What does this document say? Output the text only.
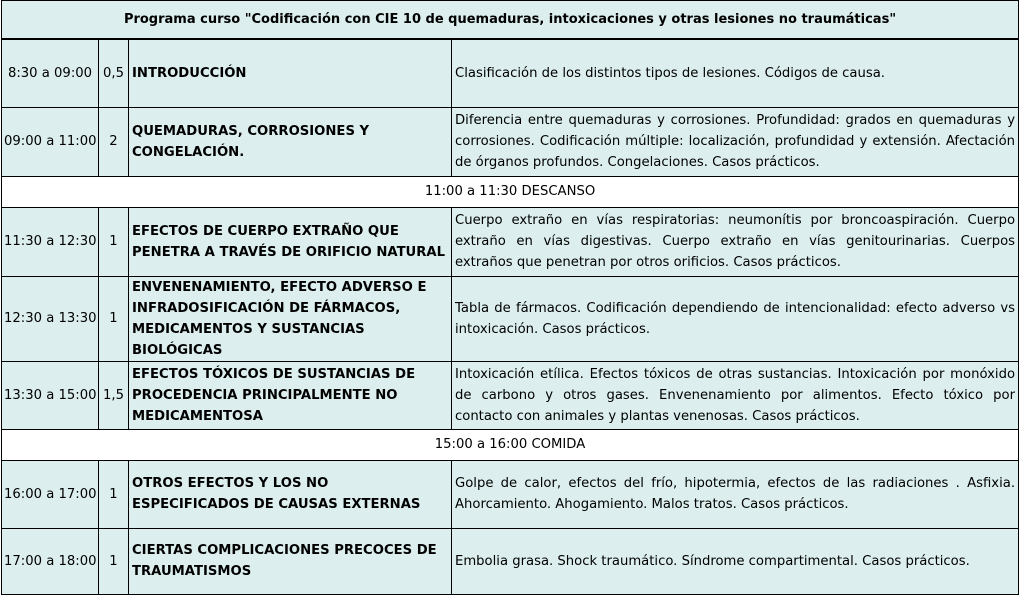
Programa curso "Codificación con CIE 10 de quemaduras, intoxicaciones y otras lesiones no traumáticas"			
8:30 a 09:00	0,5	INTRODUCCIÓN	Clasificación de los distintos tipos de lesiones. Códigos de causa.
09:00 a 11:00	2	QUEMADURAS, CORROSIONES Y CONGELACIÓN.	Diferencia entre quemaduras y corrosiones. Profundidad: grados en quemaduras y corrosiones. Codificación múltiple: localización, profundidad y extensión. Afectación de órganos profundos. Congelaciones. Casos prácticos.
11:00 a 11:30 DESCANSO			
11:30 a 12:30	1	EFECTOS DE CUERPO EXTRAÑO QUE PENETRA A TRAVÉS DE ORIFICIO NATURAL	Cuerpo extraño en vías respiratorias: neumonítis por broncoaspiración. Cuerpo extraño en vías digestivas. Cuerpo extraño en vías genitourinarias. Cuerpos extraños que penetran por otros orificios. Casos prácticos.
12:30 a 13:30	1	ENVENENAMIENTO, EFECTO ADVERSO E INFRADOSIFICACIÓN DE FÁRMACOS, MEDICAMENTOS Y SUSTANCIAS BIOLÓGICAS	Tabla de fármacos. Codificación dependiendo de intencionalidad: efecto adverso vs intoxicación. Casos prácticos.
13:30 a 15:00	1,5	EFECTOS TÓXICOS DE SUSTANCIAS DE PROCEDENCIA PRINCIPALMENTE NO MEDICAMENTOSA	Intoxicación etílica. Efectos tóxicos de otras sustancias. Intoxicación por monóxido de carbono y otros gases. Envenenamiento por alimentos. Efecto tóxico por contacto con animales y plantas venenosas. Casos prácticos.
15:00 a 16:00 COMIDA			
16:00 a 17:00	1	OTROS EFECTOS Y LOS NO ESPECIFICADOS DE CAUSAS EXTERNAS	Golpe de calor, efectos del frío, hipotermia, efectos de las radiaciones . Asfixia. Ahorcamiento. Ahogamiento. Malos tratos. Casos prácticos.
17:00 a 18:00	1	CIERTAS COMPLICACIONES PRECOCES DE TRAUMATISMOS	Embolia grasa. Shock traumático. Síndrome compartimental. Casos prácticos.
